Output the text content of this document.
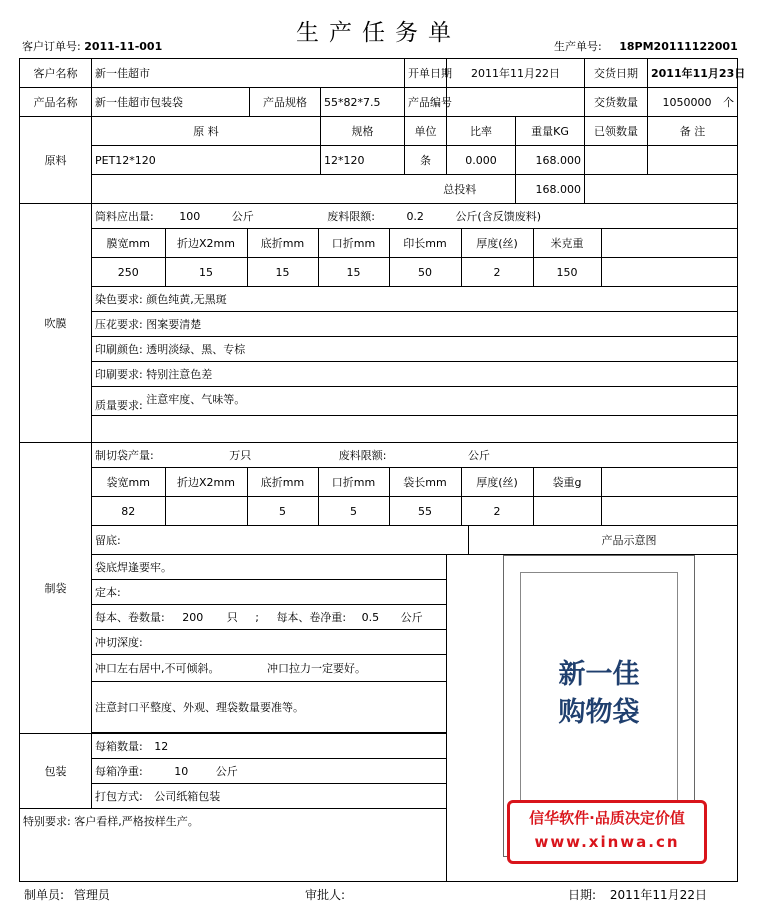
生产任务单
客户订单号: 2011-11-001	生产单号: 18PM20111122001
客户名称	新一佳超市	开单日期	2011年11月22日	交货日期	2011年11月23日
产品名称	新一佳超市包装袋	产品规格	55*82*7.5	产品编号		交货数量	1050000 个
原料	原 料	规格	单位	比率	重量KG	已领数量	备 注
PET12*120	12*120	条	0.000	168.000		
	总投料	168.000	
吹膜	筒料应出量: 100	公斤	废料限额:	0.2	公斤(含反馈废料)

膜宽mm	折边X2mm	底折mm	口折mm	印长mm	厚度(丝)	米克重	
250	15	15	15	50	2	150	

染色要求: 颜色纯黄,无黑斑
压花要求: 图案要清楚
印刷颜色: 透明淡绿、黑、专棕
印刷要求: 特别注意色差
质量要求: 注意牢度、气味等。

制袋	制切袋产量:	万只	废料限额:	公斤

袋宽mm	折边X2mm	底折mm	口折mm	袋长mm	厚度(丝)	袋重g	
82		5	5	55	2		

留底:	产品示意图
袋底焊逢要牢。	
定本:
每本、卷数量: 200 只 ; 每本、卷净重: 0.5 公斤
冲切深度:
冲口左右居中,不可倾斜。	冲口拉力一定要好。
注意封口平整度、外观、理袋数量要准等。

包装	每箱数量: 12
每箱净重:	10	公斤
打包方式: 公司纸箱包装
特别要求: 客户看样,严格按样生产。
新一佳
购物袋
信华软件·品质决定价值
www.xinwa.cn
制单员: 管理员	审批人:	日期: 2011年11月22日
